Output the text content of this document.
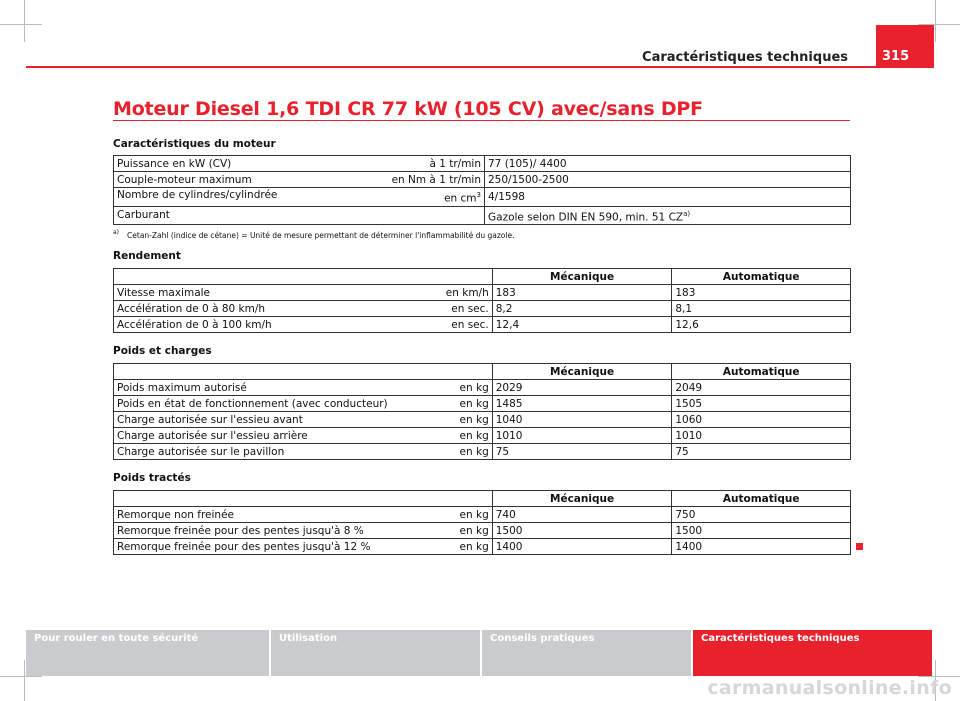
Caractéristiques techniques	315
Moteur Diesel 1,6 TDI CR 77 kW (105 CV) avec/sans DPF
Caractéristiques du moteur
Puissance en kW (CV) à 1 tr/min	77 (105)/ 4400

Couple-moteur maximum en Nm à 1 tr/min	250/1500-2500

Nombre de cylindres/cylindrée en $cm^3$	4/1598

Carburant	Gazole selon DIN EN 590, min. 51 CZ$^{a)}$
$^{a)}$ Cetan-Zahl (indice de cétane) = Unité de mesure permettant de déterminer l'inflammabilité du gazole.
Rendement
	Mécanique	Automatique

Vitesse maximale en km/h	183	183

Accélération de 0 à 80 km/h en sec.	8,2	8,1

Accélération de 0 à 100 km/h en sec.	12,4	12,6
Poids et charges
	Mécanique	Automatique

Poids maximum autorisé en kg	2029	2049

Poids en état de fonctionnement (avec conducteur) en kg	1485	1505

Charge autorisée sur l'essieu avant en kg	1040	1060

Charge autorisée sur l'essieu arrière en kg	1010	1010

Charge autorisée sur le pavillon en kg	75	75
Poids tractés
	Mécanique	Automatique

Remorque non freinée en kg	740	750

Remorque freinée pour des pentes jusqu'à 8 % en kg	1500	1500

Remorque freinée pour des pentes jusqu'à 12 % en kg	1400	1400
Pour rouler en toute sécurité	Utilisation	Conseils pratiques	Caractéristiques techniques
carmanualsonline.info
